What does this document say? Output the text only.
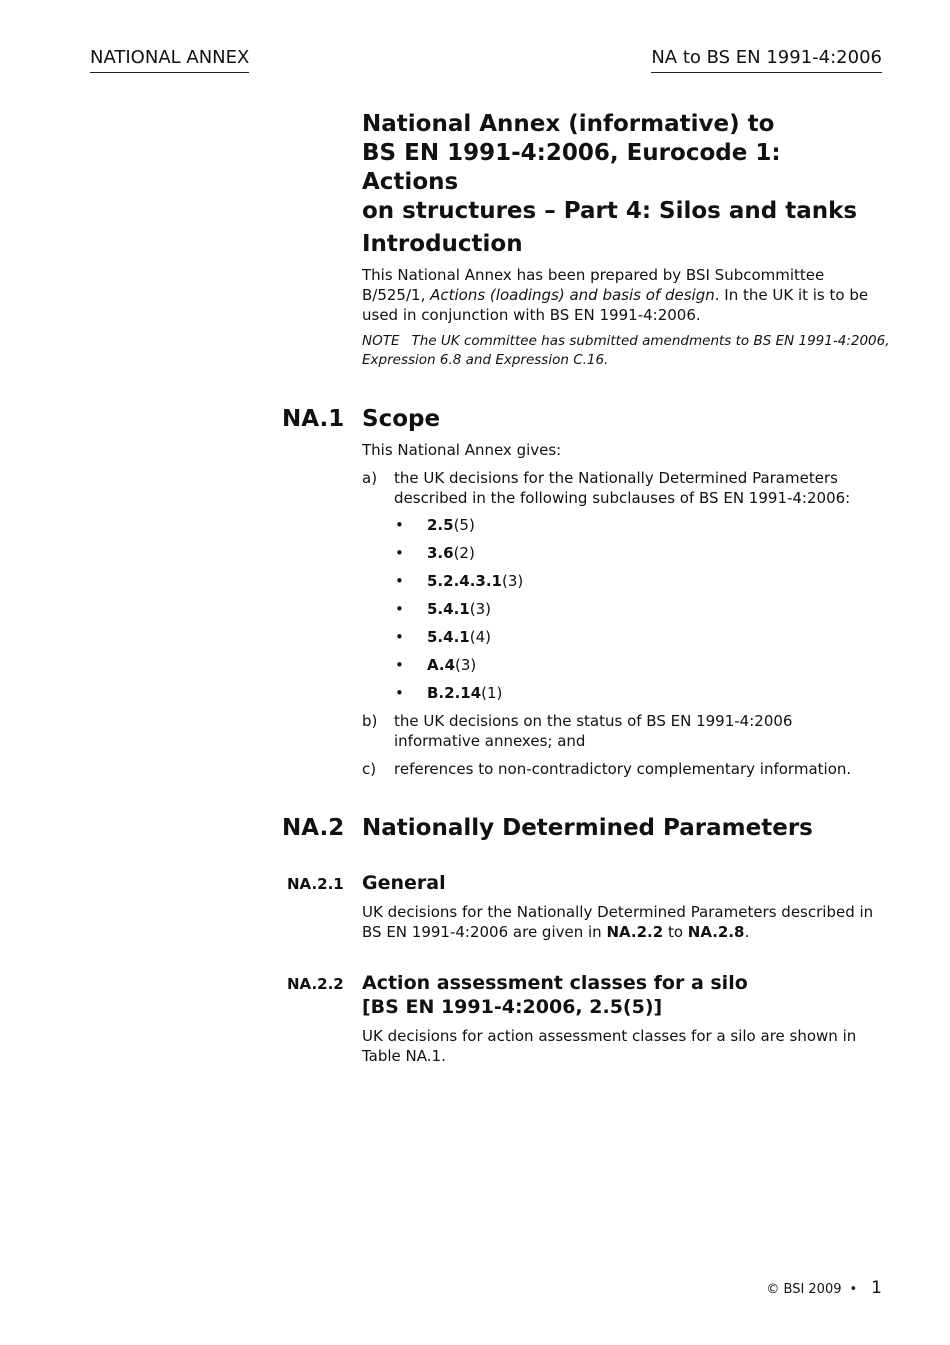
NATIONAL ANNEX	NA to BS EN 1991-4:2006
National Annex (informative) to
BS EN 1991-4:2006, Eurocode 1: Actions
on structures – Part 4: Silos and tanks
Introduction
This National Annex has been prepared by BSI Subcommittee B/525/1, Actions (loadings) and basis of design. In the UK it is to be used in conjunction with BS EN 1991-4:2006.
NOTE The UK committee has submitted amendments to BS EN 1991-4:2006, Expression 6.8 and Expression C.16.
NA.1 Scope
This National Annex gives:
a) the UK decisions for the Nationally Determined Parameters described in the following subclauses of BS EN 1991-4:2006:
• 2.5(5)
• 3.6(2)
• 5.2.4.3.1(3)
• 5.4.1(3)
• 5.4.1(4)
• A.4(3)
• B.2.14(1)
b) the UK decisions on the status of BS EN 1991-4:2006 informative annexes; and
c) references to non-contradictory complementary information.
NA.2 Nationally Determined Parameters
NA.2.1 General
UK decisions for the Nationally Determined Parameters described in BS EN 1991-4:2006 are given in NA.2.2 to NA.2.8.
NA.2.2 Action assessment classes for a silo
[BS EN 1991-4:2006, 2.5(5)]
UK decisions for action assessment classes for a silo are shown in Table NA.1.
© BSI 2009 • 1
